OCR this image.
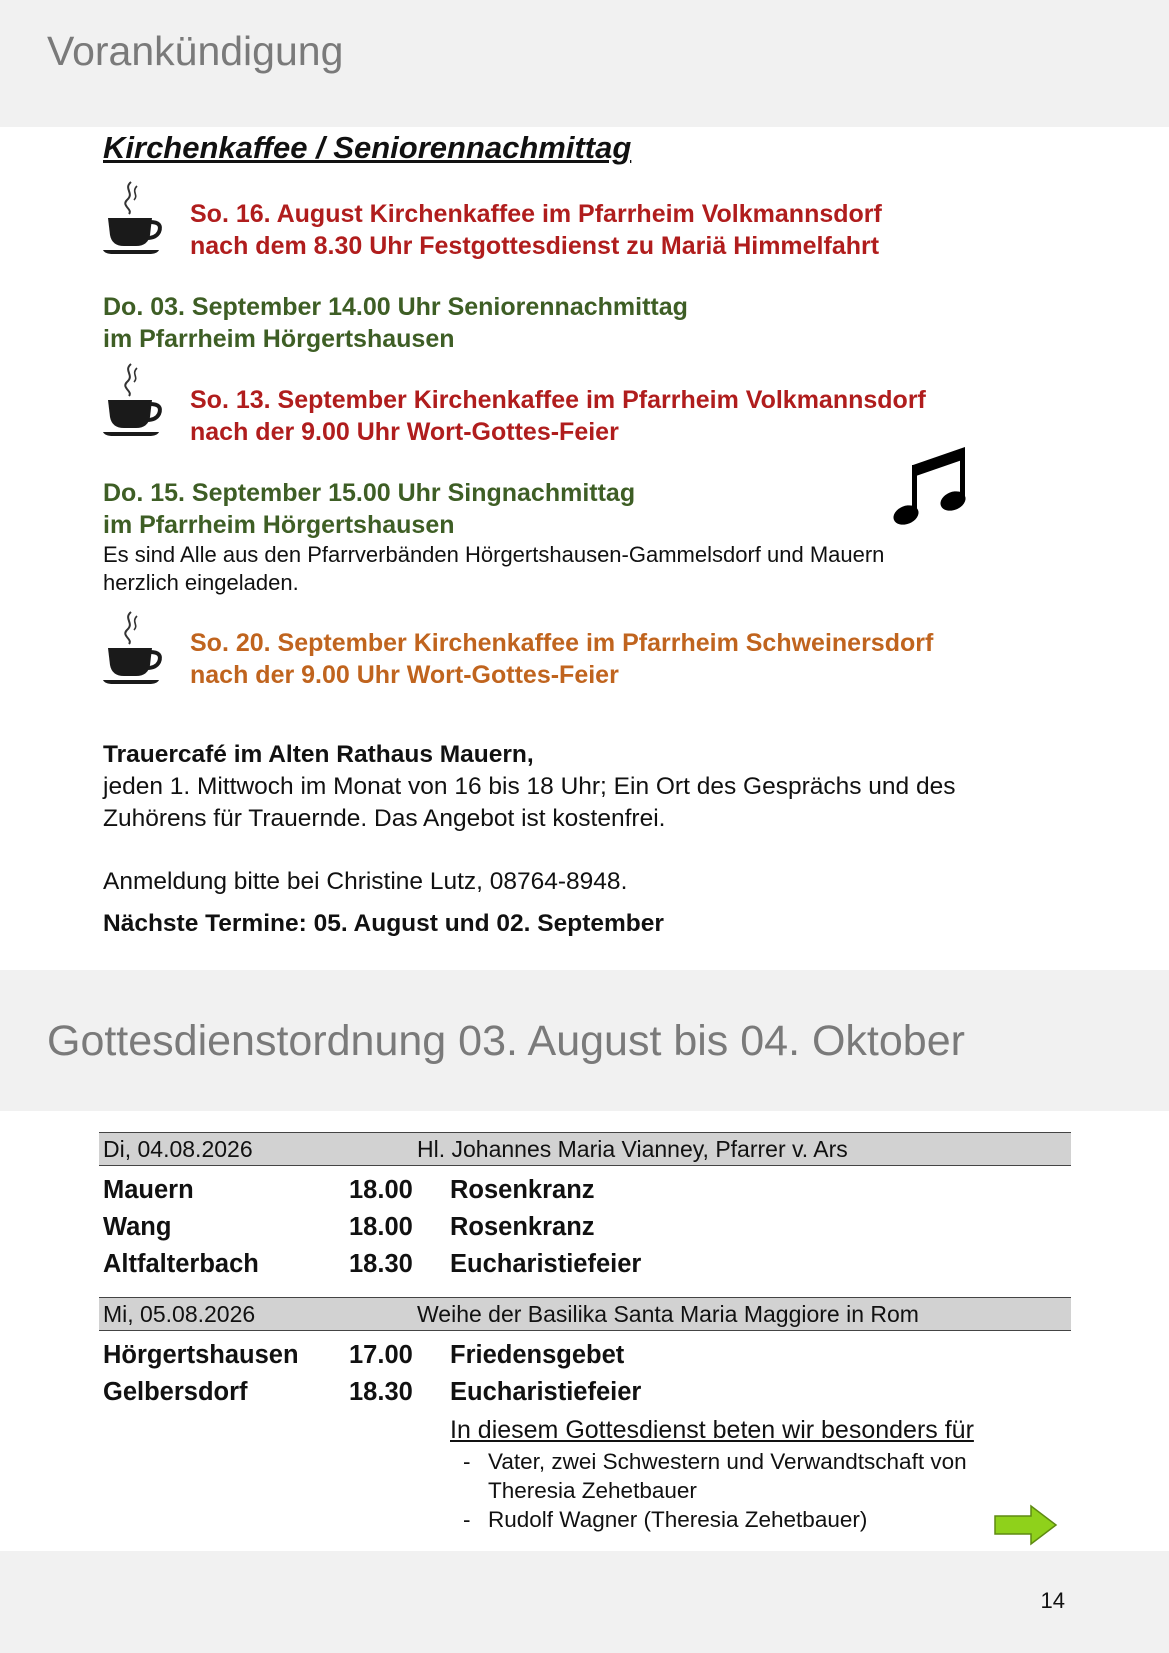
Vorankündigung
Kirchenkaffee / Seniorennachmittag
So. 16. August Kirchenkaffee im Pfarrheim Volkmannsdorf
nach dem 8.30 Uhr Festgottesdienst zu Mariä Himmelfahrt
Do. 03. September 14.00 Uhr Seniorennachmittag
im Pfarrheim Hörgertshausen
So. 13. September Kirchenkaffee im Pfarrheim Volkmannsdorf
nach der 9.00 Uhr Wort-Gottes-Feier
Do. 15. September 15.00 Uhr Singnachmittag
im Pfarrheim Hörgertshausen
Es sind Alle aus den Pfarrverbänden Hörgertshausen-Gammelsdorf und Mauern
herzlich eingeladen.
So. 20. September Kirchenkaffee im Pfarrheim Schweinersdorf
nach der 9.00 Uhr Wort-Gottes-Feier
Trauercafé im Alten Rathaus Mauern,
jeden 1. Mittwoch im Monat von 16 bis 18 Uhr; Ein Ort des Gesprächs und des
Zuhörens für Trauernde. Das Angebot ist kostenfrei.
Anmeldung bitte bei Christine Lutz, 08764-8948.
Nächste Termine: 05. August und 02. September
Gottesdienstordnung 03. August bis 04. Oktober
Di, 04.08.2026	Hl. Johannes Maria Vianney, Pfarrer v. Ars
Mauern	18.00 Rosenkranz
Wang	18.00 Rosenkranz
Altfalterbach	18.30 Eucharistiefeier
Mi, 05.08.2026	Weihe der Basilika Santa Maria Maggiore in Rom
Hörgertshausen 17.00 Friedensgebet
Gelbersdorf	18.30 Eucharistiefeier
In diesem Gottesdienst beten wir besonders für
- Vater, zwei Schwestern und Verwandtschaft von
Theresia Zehetbauer
- Rudolf Wagner (Theresia Zehetbauer)
14
